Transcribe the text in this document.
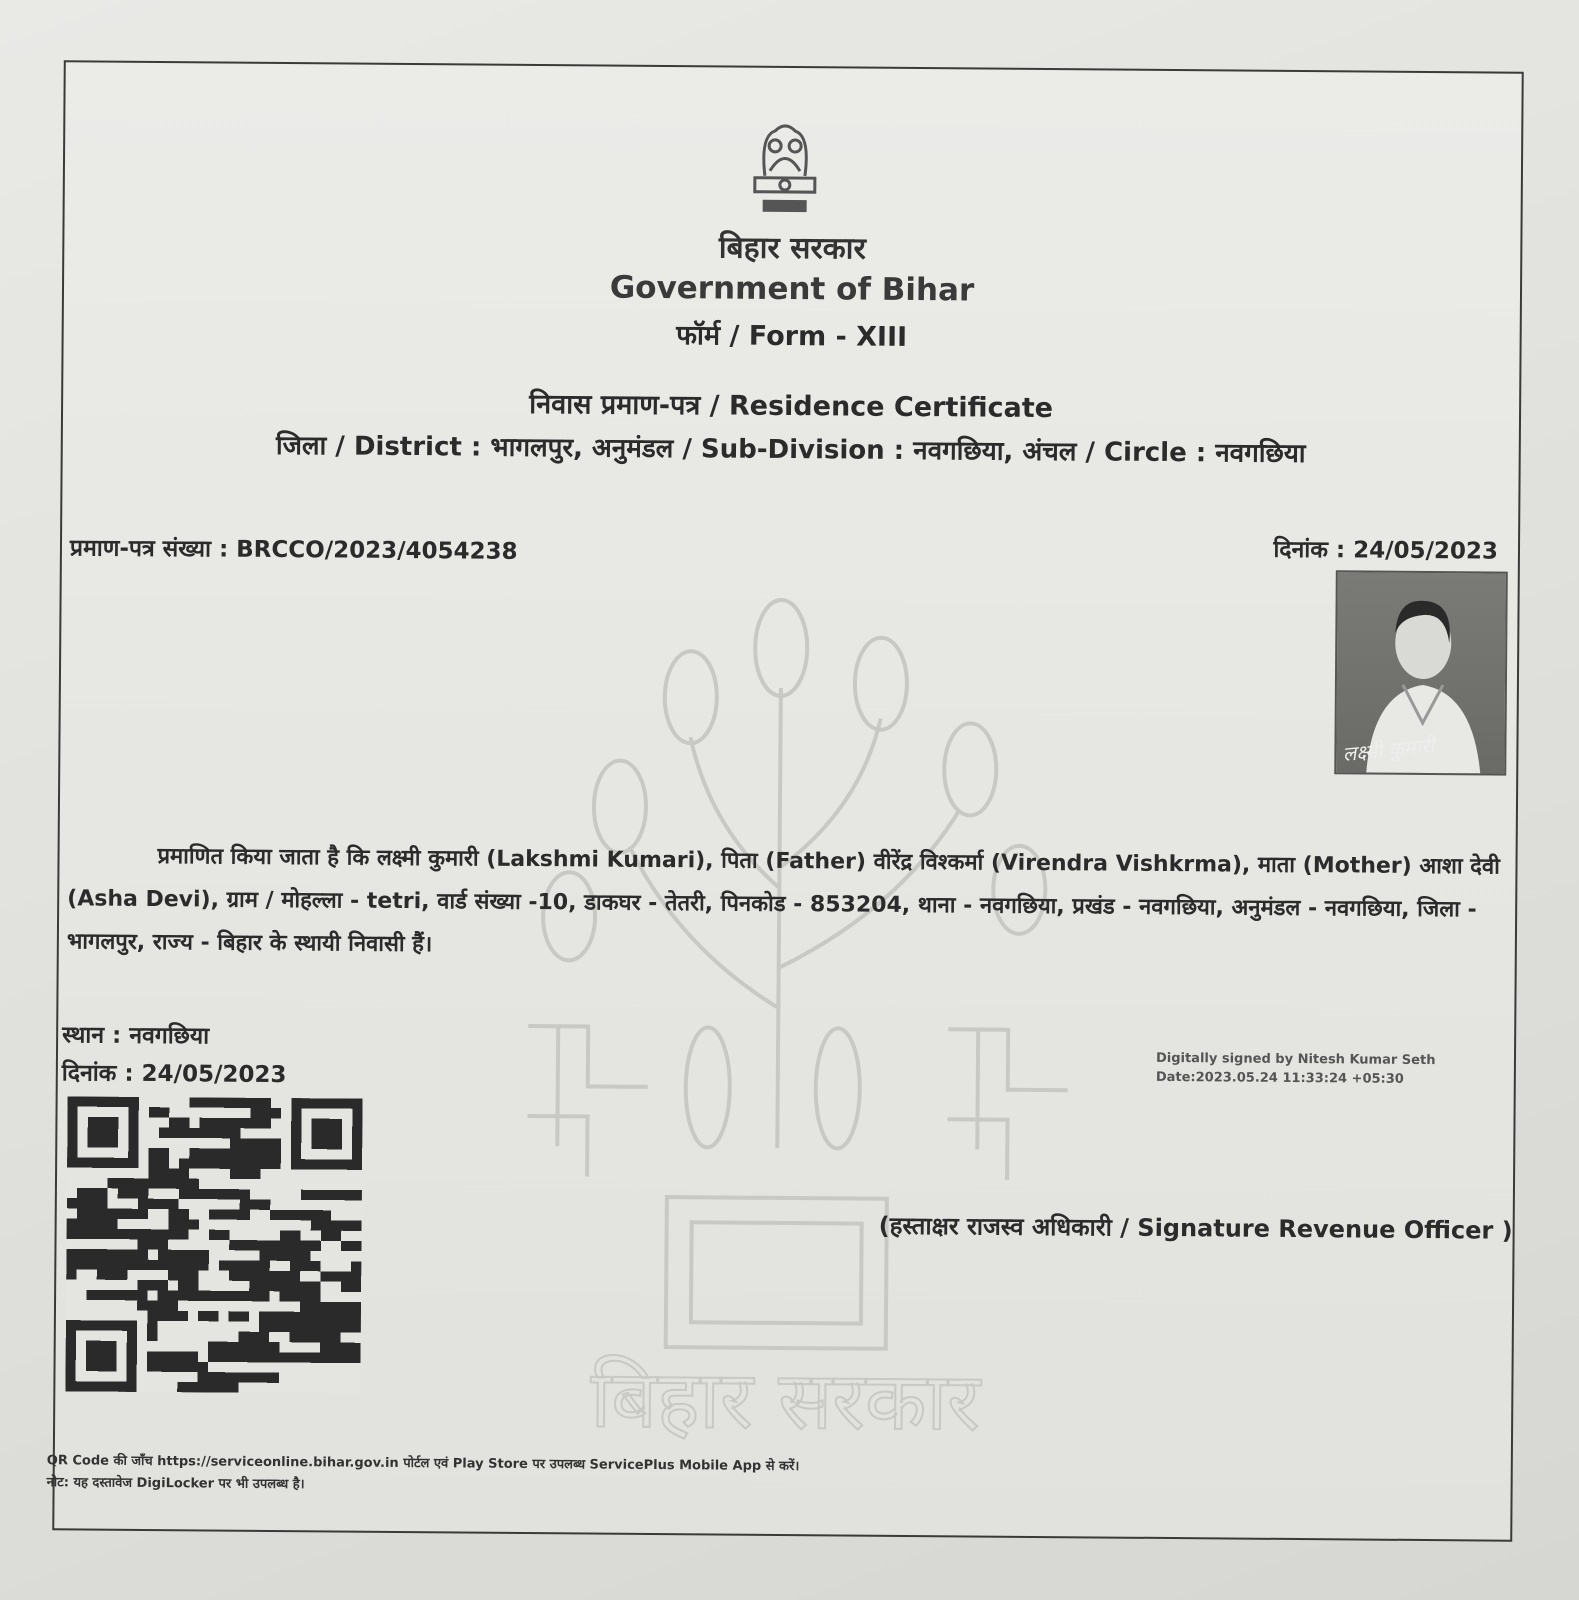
बिहार सरकार
Government of Bihar
फॉर्म / Form - XIII
निवास प्रमाण-पत्र / Residence Certificate
जिला / District : भागलपुर, अनुमंडल / Sub-Division : नवगछिया, अंचल / Circle : नवगछिया
प्रमाण-पत्र संख्या : BRCCO/2023/4054238	दिनांक : 24/05/2023
लक्ष्मी कुमारी
बिहार सरकार
प्रमाणित किया जाता है कि लक्ष्मी कुमारी (Lakshmi Kumari), पिता (Father) वीरेंद्र विश्कर्मा (Virendra Vishkrma), माता (Mother) आशा देवी (Asha Devi), ग्राम / मोहल्ला - tetri, वार्ड संख्या -10, डाकघर - तेतरी, पिनकोड - 853204, थाना - नवगछिया, प्रखंड - नवगछिया, अनुमंडल - नवगछिया, जिला - भागलपुर, राज्य - बिहार के स्थायी निवासी हैं।
स्थान : नवगछिया
दिनांक : 24/05/2023
Digitally signed by Nitesh Kumar Seth
Date:2023.05.24 11:33:24 +05:30
(हस्ताक्षर राजस्व अधिकारी / Signature Revenue Officer )
QR Code की जाँच https://serviceonline.bihar.gov.in पोर्टल एवं Play Store पर उपलब्ध ServicePlus Mobile App से करें।
नोट: यह दस्तावेज DigiLocker पर भी उपलब्ध है।
